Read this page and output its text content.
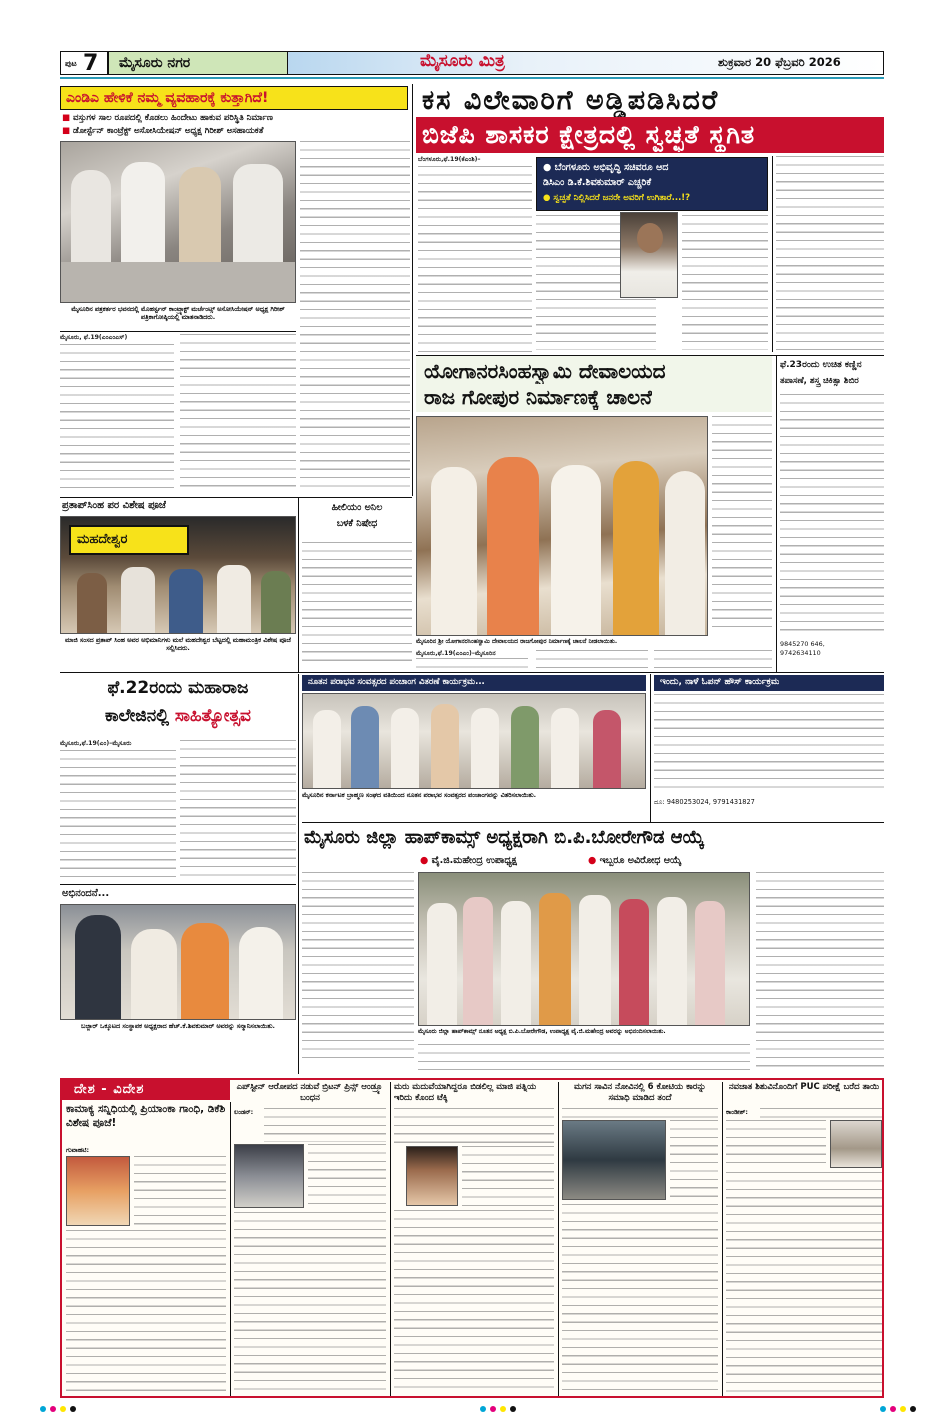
ಪುಟ 7 ಮೈಸೂರು ನಗರ	ಮೈಸೂರು ಮಿತ್ರ	ಶುಕ್ರವಾರ 20 ಫೆಬ್ರವರಿ 2026
ಎಂಡಿಎ ಹೇಳಿಕೆ ನಮ್ಮ ವ್ಯವಹಾರಕ್ಕೆ ಕುತ್ತಾಗಿದೆ!
■ ವಸ್ತುಗಳ ಸಾಲ ರೂಪದಲ್ಲಿ ಕೊಡಲು ಹಿಂದೇಟು ಹಾಕುವ ಪರಿಸ್ಥಿತಿ ನಿರ್ಮಾಣ
■ ಡೋರ್ಸ್ಟೆನ್ ಕಾಂಟ್ರೆಕ್ಟ್ ಅಸೋಸಿಯೇಷನ್ ಅಧ್ಯಕ್ಷ ಗಿರೀಶ್ ಅಸಹಾಯಕತೆ
ಮೈಸೂರಿನ ಪತ್ರಕರ್ತರ ಭವನದಲ್ಲಿ ಮೊಹರ್ಸ್ಟನ್ ಕಾಂಟ್ರ್ಯಾಕ್ಟ್ ಮರ್ಚೆಂಟ್ಸ್ ಅಸೋಸಿಯೇಷನ್ ಅಧ್ಯಕ್ಷ ಗಿರೀಶ್ ಪತ್ರಿಕಾಗೋಷ್ಠಿಯಲ್ಲಿ ಮಾತನಾಡಿದರು.
ಮೈಸೂರು, ಫೆ.19(ಎಂಎಂಎಸ್‌)
ಕಸ ವಿಲೇವಾರಿಗೆ ಅಡ್ಡಿಪಡಿಸಿದರೆ
ಬಿಜೆಪಿ ಶಾಸಕರ ಕ್ಷೇತ್ರದಲ್ಲಿ ಸ್ವಚ್ಛತೆ ಸ್ಥಗಿತ
ಬೆಂಗಳೂರು,ಫೆ.19(ಕೆಎಂಶಿ)–
● ಬೆಂಗಳೂರು ಅಭಿವೃದ್ಧಿ ಸಚಿವರೂ ಆದ
ಡಿಸಿಎಂ ಡಿ.ಕೆ.ಶಿವಕುಮಾರ್ ಎಚ್ಚರಿಕೆ
● ಸ್ವಚ್ಛತೆ ನಿಲ್ಲಿಸಿದರೆ ಜನರೇ ಅವರಿಗೆ ಉಗಿತಾರೆ...!?
ಯೋಗಾನರಸಿಂಹಸ್ವಾಮಿ ದೇವಾಲಯದ
ರಾಜ ಗೋಪುರ ನಿರ್ಮಾಣಕ್ಕೆ ಚಾಲನೆ
ಮೈಸೂರಿನ ಶ್ರೀ ಯೋಗಾನರಸಿಂಹಸ್ವಾಮಿ ದೇವಾಲಯದ ರಾಜಗೋಪುರ ನಿರ್ಮಾಣಕ್ಕೆ ಚಾಲನೆ ನೀಡಲಾಯಿತು.
ಮೈಸೂರು,ಫೆ.19(ಎಂಎಂ)–ಮೈಸೂರಿನ
ಫೆ.23ರಂದು ಉಚಿತ ಕಣ್ಣಿನ
ತಪಾಸಣೆ, ಶಸ್ತ್ರ ಚಿಕಿತ್ಸಾ ಶಿಬಿರ
9845270 646,
9742634110
ಪ್ರತಾಪ್‌ಸಿಂಹ ಪರ ವಿಶೇಷ ಪೂಜೆ
ಮಹದೇಶ್ವರ
ಮಾಜಿ ಸಂಸದ ಪ್ರತಾಪ್ ಸಿಂಹ ಅವರ ಅಭಿಮಾನಿಗಳು ಮಲೆ ಮಹದೇಶ್ವರ ಬೆಟ್ಟದಲ್ಲಿ ಮಹಾಮಂತ್ರಿಕ ವಿಶೇಷ ಪೂಜೆ ಸಲ್ಲಿಸಿದರು.
ಹೀಲಿಯಂ ಅನಿಲ
ಬಳಕೆ ನಿಷೇಧ
ಫೆ.22ರಂದು ಮಹಾರಾಜ
ಕಾಲೇಜಿನಲ್ಲಿ ಸಾಹಿತ್ಯೋತ್ಸವ
ಮೈಸೂರು,ಫೆ.19(ಎಂ)–ಮೈಸೂರು
ಅಭಿನಂದನೆ...
ಬಜ್ಜಾರ್ ಒಕ್ಕೂಟದ ಸಂಸ್ಥಾಪಕ ಅಧ್ಯಕ್ಷರಾದ ಹೆಚ್.ಕೆ.ಶಿವಕುಮಾರ್ ಅವರನ್ನು ಸನ್ಮಾನಿಸಲಾಯಿತು.
ನೂತನ ಪರಾಭವ ಸಂವತ್ಸರದ ಪಂಚಾಂಗ ವಿತರಣೆ ಕಾರ್ಯಕ್ರಮ...
ಮೈಸೂರಿನ ಕರ್ನಾಟಕ ಬ್ರಾಹ್ಮಣ ಸಂಘದ ವತಿಯಿಂದ ನೂತನ ಪರಾಭವ ಸಂವತ್ಸರದ ಪಂಚಾಂಗವನ್ನು ವಿತರಿಸಲಾಯಿತು.
ಇಂದು, ನಾಳೆ ಓಪನ್ ಹೌಸ್ ಕಾರ್ಯಕ್ರಮ
ದೂ: 9480253024, 9791431827
ಮೈಸೂರು ಜಿಲ್ಲಾ ಹಾಪ್‌ಕಾಮ್ಸ್ ಅಧ್ಯಕ್ಷರಾಗಿ ಬಿ.ಪಿ.ಬೋರೇಗೌಡ ಆಯ್ಕೆ
● ವೈ.ಜಿ.ಮಹೇಂದ್ರ ಉಪಾಧ್ಯಕ್ಷ	● ಇಬ್ಬರೂ ಅವಿರೋಧ ಆಯ್ಕೆ
ಮೈಸೂರು ಜಿಲ್ಲಾ ಹಾಪ್‌ಕಾಮ್ಸ್ ನೂತನ ಅಧ್ಯಕ್ಷ ಬಿ.ಪಿ.ಬೋರೇಗೌಡ, ಉಪಾಧ್ಯಕ್ಷ ವೈ.ಜಿ.ಮಹೇಂದ್ರ ಅವರನ್ನು ಅಭಿನಂದಿಸಲಾಯಿತು.
ದೇಶ - ವಿದೇಶ
ಕಾಮಾಕ್ಯ ಸನ್ನಿಧಿಯಲ್ಲಿ ಪ್ರಿಯಾಂಕಾ ಗಾಂಧಿ, ಡಿಕೆಶಿ ವಿಶೇಷ ಪೂಜೆ!
ಗುವಾಹಟಿ:
ಎಪ್‌ಸ್ಟೀನ್ ಆರೋಪದ ನಡುವೆ ಬ್ರಿಟನ್ ಪ್ರಿನ್ಸ್ ಆಂಡ್ರ್ಯೂ ಬಂಧನ
ಲಂಡನ್:
ಮರು ಮದುವೆಯಾಗಿದ್ದರೂ ಬಿಡಲಿಲ್ಲ ಮಾಜಿ ಪತ್ನಿಯ ಇರಿದು ಕೊಂದ ಟೆಕ್ಕಿ
ಮಗನ ಸಾವಿನ ನೋವಿನಲ್ಲಿ 6 ಕೋಟಿಯ ಕಾರನ್ನು ಸಮಾಧಿ ಮಾಡಿದ ತಂದೆ
ನವಜಾತ ಶಿಶುವಿನೊಂದಿಗೆ PUC ಪರೀಕ್ಷೆ ಬರೆದ ತಾಯಿ
ಕಾಂಡೀಶ್:
